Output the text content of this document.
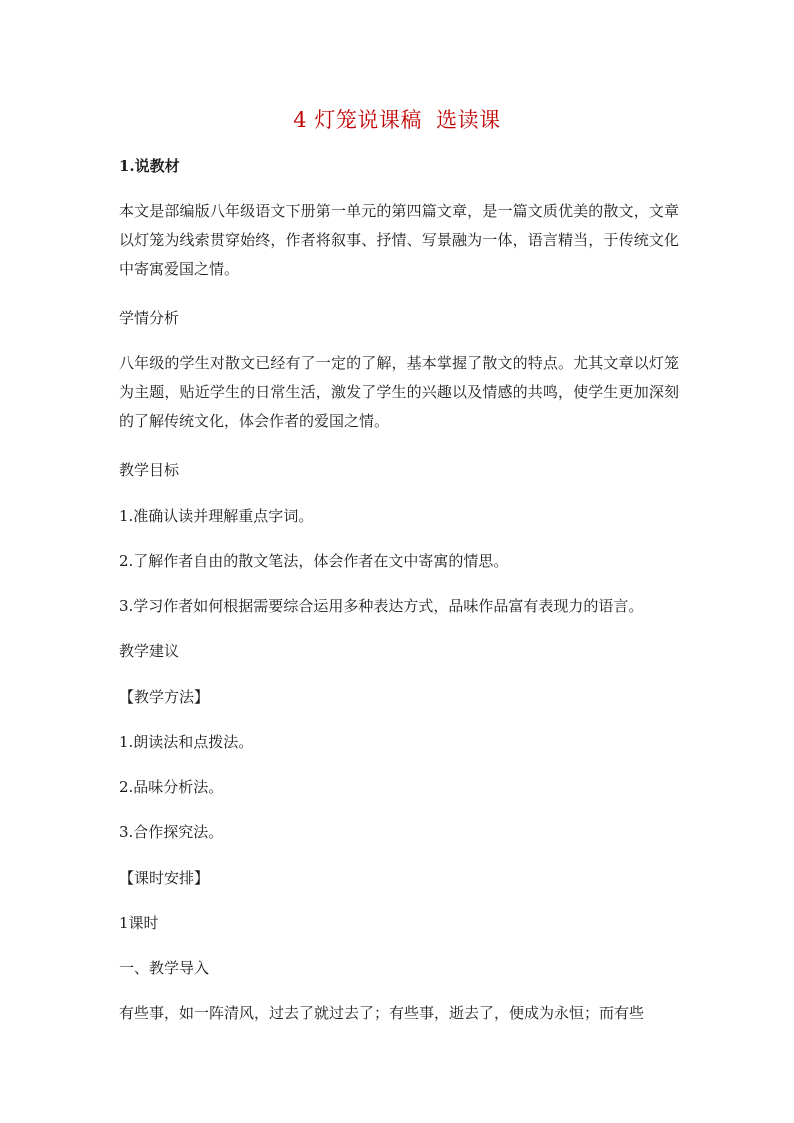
4 灯笼说课稿  选读课

1.说教材

本文是部编版八年级语文下册第一单元的第四篇文章，是一篇文质优美的散文，文章以灯笼为线索贯穿始终，作者将叙事、抒情、写景融为一体，语言精当，于传统文化中寄寓爱国之情。

学情分析

八年级的学生对散文已经有了一定的了解，基本掌握了散文的特点。尤其文章以灯笼为主题，贴近学生的日常生活，激发了学生的兴趣以及情感的共鸣，使学生更加深刻的了解传统文化，体会作者的爱国之情。

教学目标

1.准确认读并理解重点字词。

2.了解作者自由的散文笔法，体会作者在文中寄寓的情思。

3.学习作者如何根据需要综合运用多种表达方式，品味作品富有表现力的语言。

教学建议

【教学方法】

1.朗读法和点拨法。

2.品味分析法。

3.合作探究法。

【课时安排】

1课时

一、教学导入

有些事，如一阵清风，过去了就过去了；有些事，逝去了，便成为永恒；而有些
